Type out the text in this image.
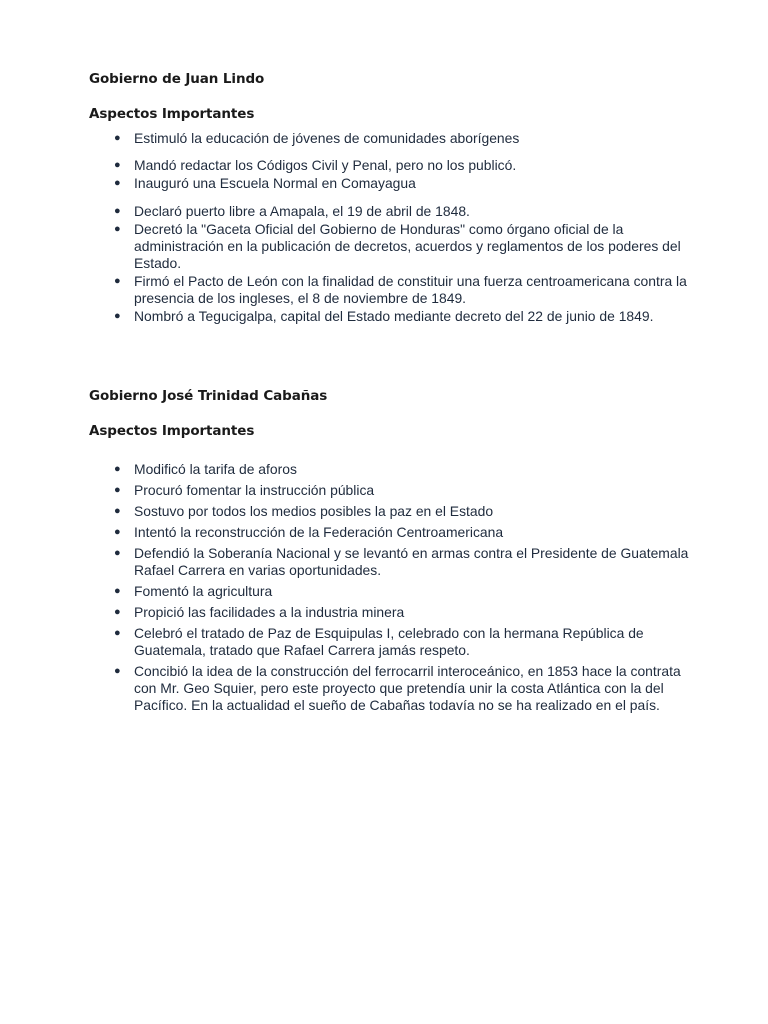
Gobierno de Juan Lindo
Aspectos Importantes
● Estimuló la educación de jóvenes de comunidades aborígenes
● Mandó redactar los Códigos Civil y Penal, pero no los publicó.
● Inauguró una Escuela Normal en Comayagua
● Declaró puerto libre a Amapala, el 19 de abril de 1848.
● Decretó la "Gaceta Oficial del Gobierno de Honduras" como órgano oficial de la administración en la publicación de decretos, acuerdos y reglamentos de los poderes del Estado.
● Firmó el Pacto de León con la finalidad de constituir una fuerza centroamericana contra la presencia de los ingleses, el 8 de noviembre de 1849.
● Nombró a Tegucigalpa, capital del Estado mediante decreto del 22 de junio de 1849.
Gobierno José Trinidad Cabañas
Aspectos Importantes
● Modificó la tarifa de aforos
● Procuró fomentar la instrucción pública
● Sostuvo por todos los medios posibles la paz en el Estado
● Intentó la reconstrucción de la Federación Centroamericana
● Defendió la Soberanía Nacional y se levantó en armas contra el Presidente de Guatemala Rafael Carrera en varias oportunidades.
● Fomentó la agricultura
● Propició las facilidades a la industria minera
● Celebró el tratado de Paz de Esquipulas I, celebrado con la hermana República de Guatemala, tratado que Rafael Carrera jamás respeto.
● Concibió la idea de la construcción del ferrocarril interoceánico, en 1853 hace la contrata con Mr. Geo Squier, pero este proyecto que pretendía unir la costa Atlántica con la del Pacífico. En la actualidad el sueño de Cabañas todavía no se ha realizado en el país.
